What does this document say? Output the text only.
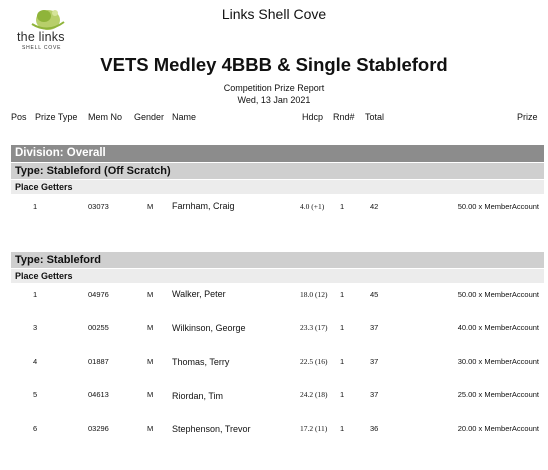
the links
SHELL COVE
Links Shell Cove
VETS Medley 4BBB & Single Stableford
Competition Prize Report
Wed, 13 Jan 2021
Pos Prize Type Mem No Gender Name	Hdcp Rnd# Total	Prize
Division: Overall
Type: Stableford (Off Scratch)
Place Getters
1	03073	M Farnham, Craig	4.0 (+1) 1	42	50.00 x MemberAccount
Type: Stableford
Place Getters
1	04976	M Walker, Peter	18.0 (12) 1	45	50.00 x MemberAccount
3	00255	M Wilkinson, George	23.3 (17) 1	37	40.00 x MemberAccount
4	01887	M Thomas, Terry	22.5 (16) 1	37	30.00 x MemberAccount
5	04613	M Riordan, Tim	24.2 (18) 1	37	25.00 x MemberAccount
6	03296	M Stephenson, Trevor	17.2 (11) 1	36	20.00 x MemberAccount
